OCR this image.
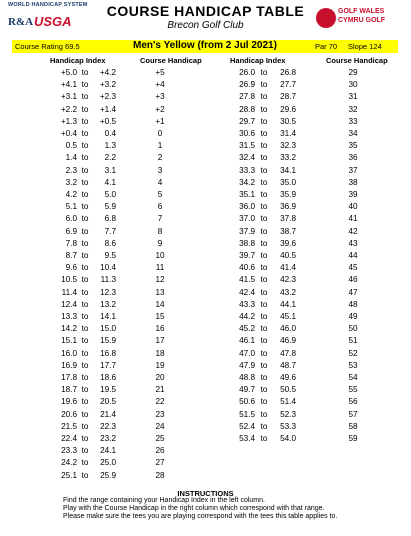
WORLD HANDICAP SYSTEM
R&A USGA
COURSE HANDICAP TABLE
Brecon Golf Club
GOLF WALES
CYMRU GOLF
Course Rating 69.5	Men's Yellow (from 2 Jul 2021)	Par 70 Slope 124
Handicap Index	Course Handicap	Handicap Index	Course Handicap
+5.0 to	+4.2	+5
+4.1 to	+3.2	+4
+3.1 to	+2.3	+3
+2.2 to	+1.4	+2
+1.3 to	+0.5	+1
+0.4 to	0.4	0
0.5 to	1.3	1
1.4 to	2.2	2
2.3 to	3.1	3
3.2 to	4.1	4
4.2 to	5.0	5
5.1 to	5.9	6
6.0 to	6.8	7
6.9 to	7.7	8
7.8 to	8.6	9
8.7 to	9.5	10
9.6 to	10.4	11
10.5 to	11.3	12
11.4 to	12.3	13
12.4 to	13.2	14
13.3 to	14.1	15
14.2 to	15.0	16
15.1 to	15.9	17
16.0 to	16.8	18
16.9 to	17.7	19
17.8 to	18.6	20
18.7 to	19.5	21
19.6 to	20.5	22
20.6 to	21.4	23
21.5 to	22.3	24
22.4 to	23.2	25
23.3 to	24.1	26
24.2 to	25.0	27
25.1 to	25.9	28
26.0 to	26.8	29
26.9 to	27.7	30
27.8 to	28.7	31
28.8 to	29.6	32
29.7 to	30.5	33
30.6 to	31.4	34
31.5 to	32.3	35
32.4 to	33.2	36
33.3 to	34.1	37
34.2 to	35.0	38
35.1 to	35.9	39
36.0 to	36.9	40
37.0 to	37.8	41
37.9 to	38.7	42
38.8 to	39.6	43
39.7 to	40.5	44
40.6 to	41.4	45
41.5 to	42.3	46
42.4 to	43.2	47
43.3 to	44.1	48
44.2 to	45.1	49
45.2 to	46.0	50
46.1 to	46.9	51
47.0 to	47.8	52
47.9 to	48.7	53
48.8 to	49.6	54
49.7 to	50.5	55
50.6 to	51.4	56
51.5 to	52.3	57
52.4 to	53.3	58
53.4 to	54.0	59
INSTRUCTIONS
Find the range containing your Handicap Index in the left column.
Play with the Course Handicap in the right column which correspond with that range.
Please make sure the tees you are playing correspond with the tees this table applies to.
